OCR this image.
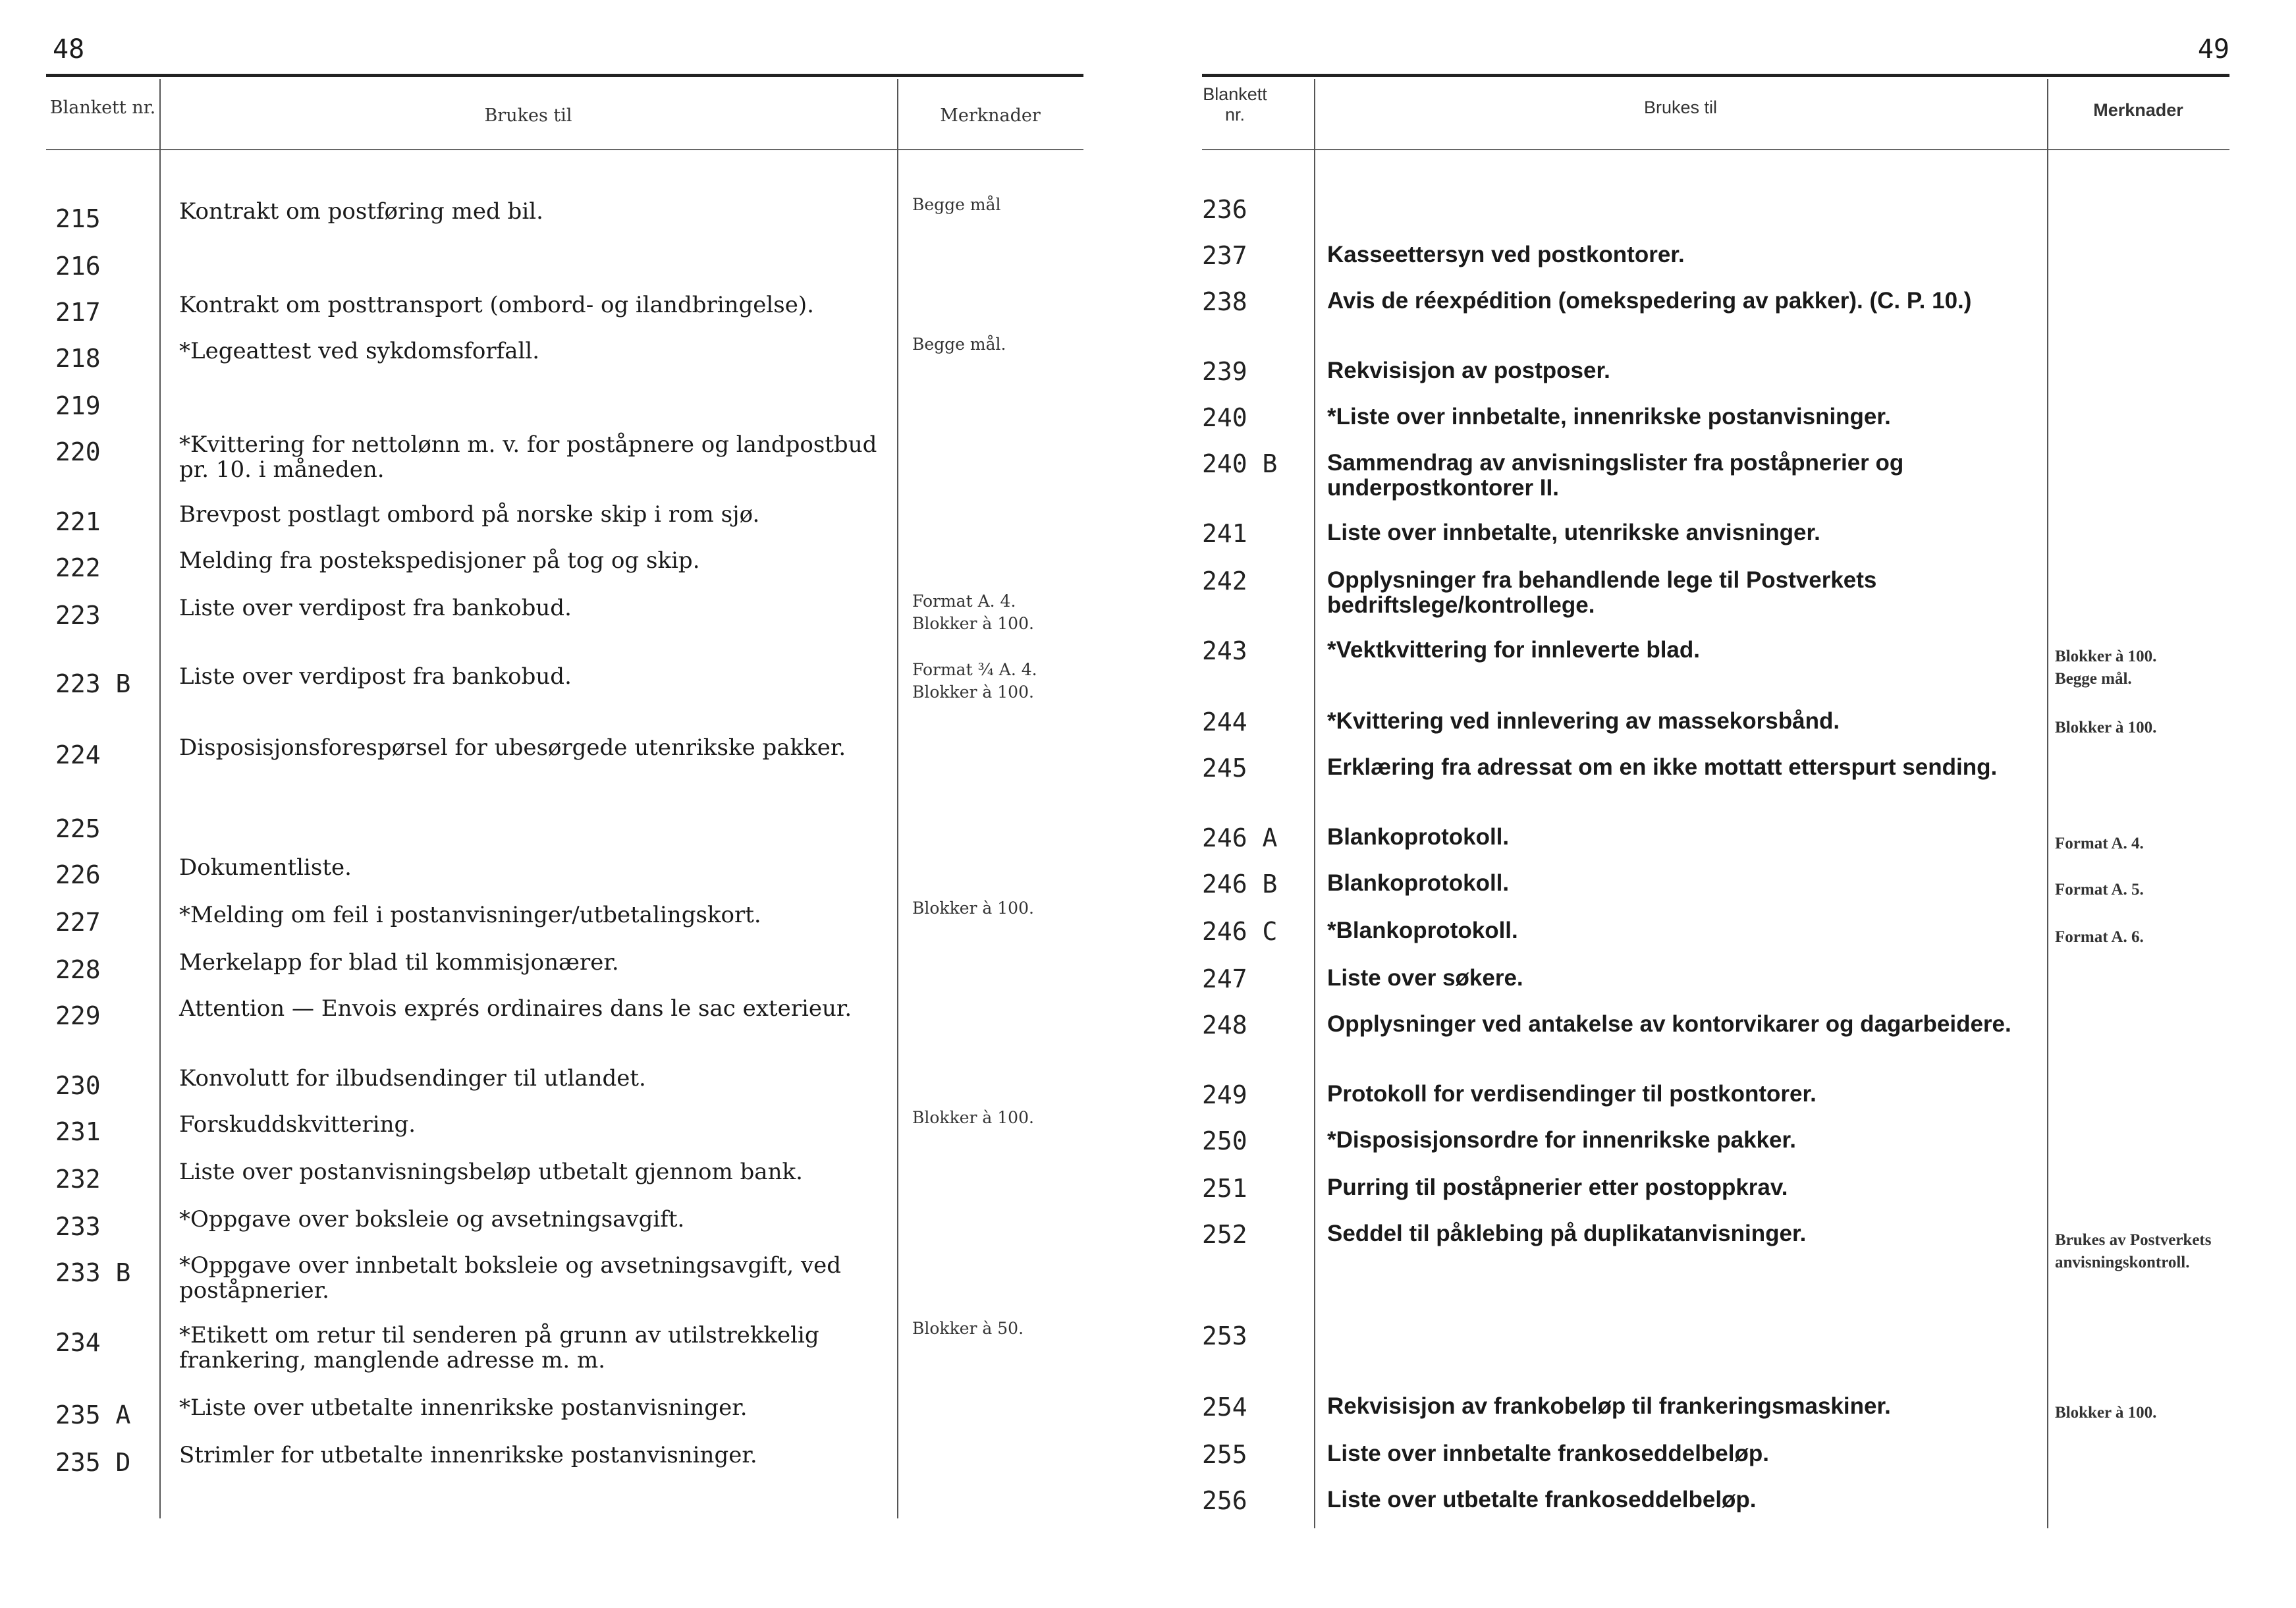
48
Blankett nr.	Brukes til	Merknader
215	Kontrakt om postføring med bil.	Begge mål
216
217	Kontrakt om posttransport (ombord- og ilandbringelse).
218	*Legeattest ved sykdomsforfall.	Begge mål.
219
220	*Kvittering for nettolønn m. v. for poståpnere og landpostbud pr. 10. i måneden.
221	Brevpost postlagt ombord på norske skip i rom sjø.
222	Melding fra postekspedisjoner på tog og skip.
223	Liste over verdipost fra bankobud.	Format A. 4.
Blokker à 100.
223 B Liste over verdipost fra bankobud.	Format ¾ A. 4.
Blokker à 100.
224	Disposisjonsforespørsel for ubesørgede utenrikske pakker.
225
226	Dokumentliste.
227	*Melding om feil i postanvisninger/utbetalingskort.	Blokker à 100.
228	Merkelapp for blad til kommisjonærer.
229	Attention — Envois exprés ordinaires dans le sac exterieur.
230	Konvolutt for ilbudsendinger til utlandet.
231	Forskuddskvittering.	Blokker à 100.
232	Liste over postanvisningsbeløp utbetalt gjennom bank.
233	*Oppgave over boksleie og avsetningsavgift.
233 B *Oppgave over innbetalt boksleie og avsetningsavgift, ved poståpnerier.
234	*Etikett om retur til senderen på grunn av utilstrekkelig frankering, manglende adresse m. m.
Blokker à 50.
235 A *Liste over utbetalte innenrikske postanvisninger.
235 D Strimler for utbetalte innenrikske postanvisninger.
49
Blankett nr.	Brukes til	Merknader
236
237	Kasseettersyn ved postkontorer.
238	Avis de réexpédition (omekspedering av pakker). (C. P. 10.)
239	Rekvisisjon av postposer.
240	*Liste over innbetalte, innenrikske postanvisninger.
240 B Sammendrag av anvisningslister fra poståpnerier og underpostkontorer II.
241	Liste over innbetalte, utenrikske anvisninger.
242	Opplysninger fra behandlende lege til Postverkets bedriftslege/kontrollege.
243	*Vektkvittering for innleverte blad.	Blokker à 100.
Begge mål.
244	*Kvittering ved innlevering av massekorsbånd.	Blokker à 100.
245	Erklæring fra adressat om en ikke mottatt etterspurt sending.
246 A Blankoprotokoll.	Format A. 4.
246 B Blankoprotokoll.	Format A. 5.
246 C *Blankoprotokoll.	Format A. 6.
247	Liste over søkere.
248	Opplysninger ved antakelse av kontorvikarer og dagarbeidere.
249	Protokoll for verdisendinger til postkontorer.
250	*Disposisjonsordre for innenrikske pakker.
251	Purring til poståpnerier etter postoppkrav.
252	Seddel til påklebing på duplikatanvisninger.	Brukes av Postverkets anvisningskontroll.
253
254	Rekvisisjon av frankobeløp til frankeringsmaskiner.	Blokker à 100.
255	Liste over innbetalte frankoseddelbeløp.
256	Liste over utbetalte frankoseddelbeløp.
